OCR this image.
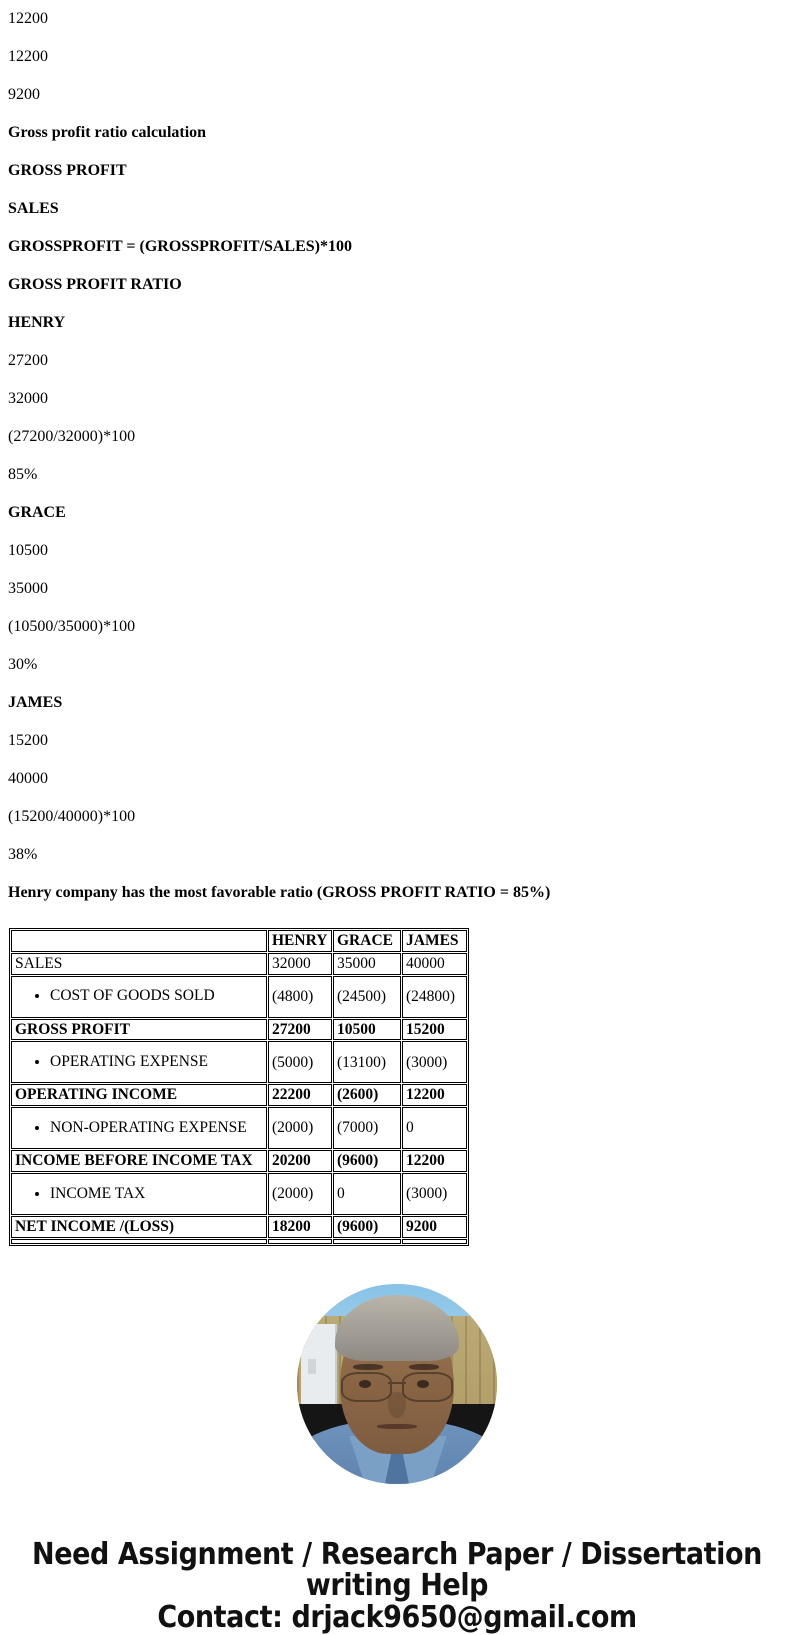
12200
12200
9200
Gross profit ratio calculation
GROSS PROFIT
SALES
GROSSPROFIT = (GROSSPROFIT/SALES)*100
GROSS PROFIT RATIO
HENRY
27200
32000
(27200/32000)*100
85%
GRACE
10500
35000
(10500/35000)*100
30%
JAMES
15200
40000
(15200/40000)*100
38%
Henry company has the most favorable ratio (GROSS PROFIT RATIO = 85%)
	HENRY	GRACE	JAMES
SALES	32000	35000	40000

• COST OF GOODS SOLD	(4800)	(24500)	(24800)
GROSS PROFIT	27200	10500	15200

• OPERATING EXPENSE	(5000)	(13100)	(3000)
OPERATING INCOME	22200	(2600)	12200

• NON-OPERATING EXPENSE	(2000)	(7000)	0
INCOME BEFORE INCOME TAX	20200	(9600)	12200

• INCOME TAX	(2000)	0	(3000)
NET INCOME /(LOSS)	18200	(9600)	9200

Need Assignment / Research Paper / Dissertation
writing Help
Contact: drjack9650@gmail.com
